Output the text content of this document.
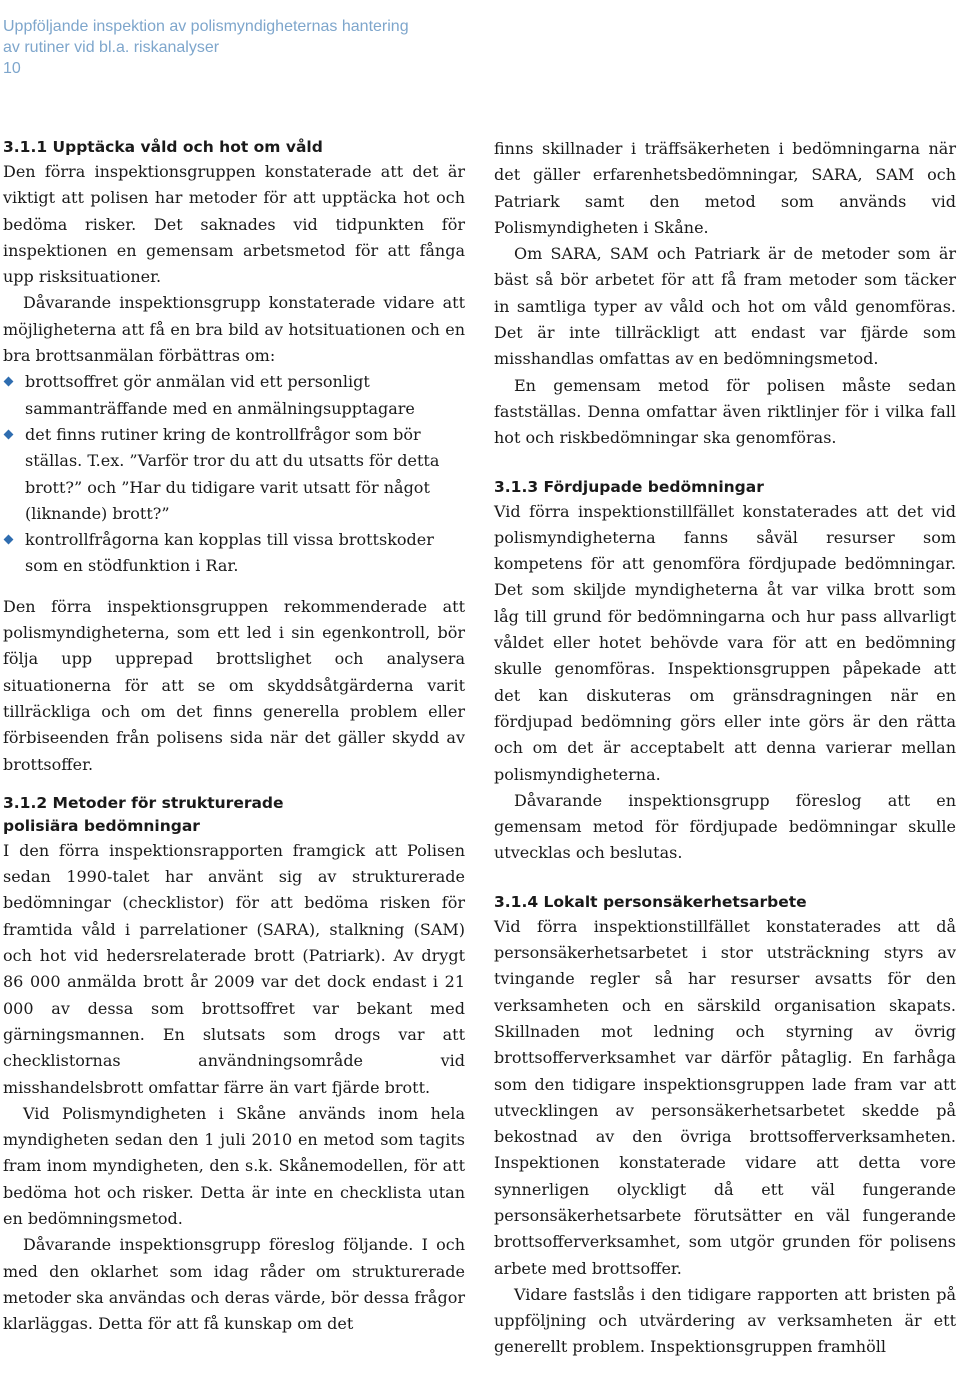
Uppföljande inspektion av polismyndigheternas hantering
av rutiner vid bl.a. riskanalyser
10
3.1.1 Upptäcka våld och hot om våld

Den förra inspektionsgruppen konstaterade att det är viktigt att polisen har metoder för att upptäcka hot och bedöma risker. Det saknades vid tidpunkten för inspektionen en gemensam arbetsmetod för att fånga upp risksituationer.

Dåvarande inspektionsgrupp konstaterade vidare att möjligheterna att få en bra bild av hotsituationen och en bra brottsanmälan förbättras om:

brottsoffret gör anmälan vid ett personligt sammanträffande med en anmälningsupptagare
det finns rutiner kring de kontrollfrågor som bör ställas. T.ex. ”Varför tror du att du utsatts för detta brott?” och ”Har du tidigare varit utsatt för något (liknande) brott?”
kontrollfrågorna kan kopplas till vissa brottskoder som en stödfunktion i Rar.

Den förra inspektionsgruppen rekommenderade att polismyndigheterna, som ett led i sin egenkontroll, bör följa upp upprepad brottslighet och analysera situationerna för att se om skyddsåtgärderna varit tillräckliga och om det finns generella problem eller förbiseenden från polisens sida när det gäller skydd av brottsoffer.

3.1.2 Metoder för strukturerade
polisiära bedömningar

I den förra inspektionsrapporten framgick att Polisen sedan 1990-talet har använt sig av strukturerade bedömningar (checklistor) för att bedöma risken för framtida våld i parrelationer (SARA), stalkning (SAM) och hot vid hedersrelaterade brott (Patriark). Av drygt 86 000 anmälda brott år 2009 var det dock endast i 21 000 av dessa som brottsoffret var bekant med gärningsmannen. En slutsats som drogs var att checklistornas användningsområde vid misshandelsbrott omfattar färre än vart fjärde brott.

Vid Polismyndigheten i Skåne används inom hela myndigheten sedan den 1 juli 2010 en metod som tagits fram inom myndigheten, den s.k. Skånemodellen, för att bedöma hot och risker. Detta är inte en checklista utan en bedömningsmetod.

Dåvarande inspektionsgrupp föreslog följande. I och med den oklarhet som idag råder om strukturerade metoder ska användas och deras värde, bör dessa frågor klarläggas. Detta för att få kunskap om det

finns skillnader i träffsäkerheten i bedömningarna när det gäller erfarenhetsbedömningar, SARA, SAM och Patriark samt den metod som används vid Polismyndigheten i Skåne.

Om SARA, SAM och Patriark är de metoder som är bäst så bör arbetet för att få fram metoder som täcker in samtliga typer av våld och hot om våld genomföras. Det är inte tillräckligt att endast var fjärde som misshandlas omfattas av en bedömningsmetod.

En gemensam metod för polisen måste sedan fastställas. Denna omfattar även riktlinjer för i vilka fall hot och riskbedömningar ska genomföras.

3.1.3 Fördjupade bedömningar

Vid förra inspektionstillfället konstaterades att det vid polismyndigheterna fanns såväl resurser som kompetens för att genomföra fördjupade bedömningar. Det som skiljde myndigheterna åt var vilka brott som låg till grund för bedömningarna och hur pass allvarligt våldet eller hotet behövde vara för att en bedömning skulle genomföras. Inspektionsgruppen påpekade att det kan diskuteras om gränsdragningen när en fördjupad bedömning görs eller inte görs är den rätta och om det är acceptabelt att denna varierar mellan polismyndigheterna.

Dåvarande inspektionsgrupp föreslog att en gemensam metod för fördjupade bedömningar skulle utvecklas och beslutas.

3.1.4 Lokalt personsäkerhetsarbete

Vid förra inspektionstillfället konstaterades att då personsäkerhetsarbetet i stor utsträckning styrs av tvingande regler så har resurser avsatts för den verksamheten och en särskild organisation skapats. Skillnaden mot ledning och styrning av övrig brottsofferverksamhet var därför påtaglig. En farhåga som den tidigare inspektionsgruppen lade fram var att utvecklingen av personsäkerhetsarbetet skedde på bekostnad av den övriga brottsofferverksamheten. Inspektionen konstaterade vidare att detta vore synnerligen olyckligt då ett väl fungerande personsäkerhetsarbete förutsätter en väl fungerande brottsofferverksamhet, som utgör grunden för polisens arbete med brottsoffer.

Vidare fastslås i den tidigare rapporten att bristen på uppföljning och utvärdering av verksamheten är ett generellt problem. Inspektionsgruppen framhöll
